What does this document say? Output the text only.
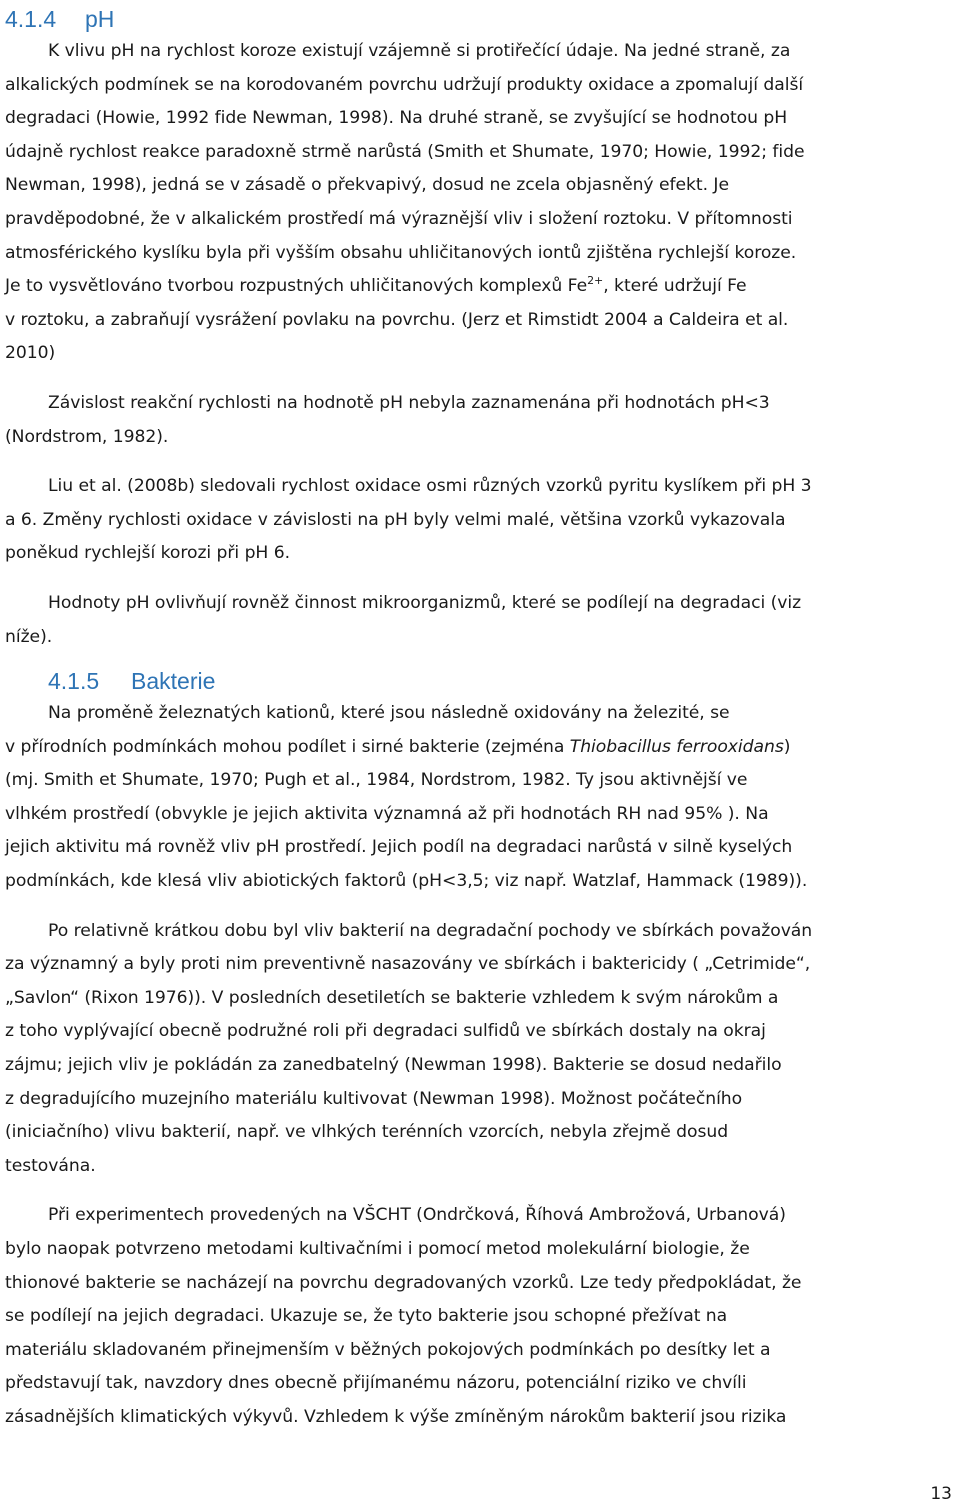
4.1.4 pH

K vlivu pH na rychlost koroze existují vzájemně si protiřečící údaje. Na jedné straně, za
alkalických podmínek se na korodovaném povrchu udržují produkty oxidace a zpomalují další
degradaci (Howie, 1992 fide Newman, 1998). Na druhé straně, se zvyšující se hodnotou pH
údajně rychlost reakce paradoxně strmě narůstá (Smith et Shumate, 1970; Howie, 1992; fide
Newman, 1998), jedná se v zásadě o překvapivý, dosud ne zcela objasněný efekt. Je
pravděpodobné, že v alkalickém prostředí má výraznější vliv i složení roztoku. V přítomnosti
atmosférického kyslíku byla při vyšším obsahu uhličitanových iontů zjištěna rychlejší koroze.
Je to vysvětlováno tvorbou rozpustných uhličitanových komplexů $Fe^{2+}$, které udržují Fe
v roztoku, a zabraňují vysrážení povlaku na povrchu. (Jerz et Rimstidt 2004 a Caldeira et al.
2010)

Závislost reakční rychlosti na hodnotě pH nebyla zaznamenána při hodnotách pH<3
(Nordstrom, 1982).

Liu et al. (2008b) sledovali rychlost oxidace osmi různých vzorků pyritu kyslíkem při pH 3
a 6. Změny rychlosti oxidace v závislosti na pH byly velmi malé, většina vzorků vykazovala
poněkud rychlejší korozi při pH 6.

Hodnoty pH ovlivňují rovněž činnost mikroorganizmů, které se podílejí na degradaci (viz
níže).

4.1.5 Bakterie

Na proměně železnatých kationů, které jsou následně oxidovány na železité, se
v přírodních podmínkách mohou podílet i sirné bakterie (zejména Thiobacillus ferrooxidans)
(mj. Smith et Shumate, 1970; Pugh et al., 1984, Nordstrom, 1982. Ty jsou aktivnější ve
vlhkém prostředí (obvykle je jejich aktivita významná až při hodnotách RH nad 95% ). Na
jejich aktivitu má rovněž vliv pH prostředí. Jejich podíl na degradaci narůstá v silně kyselých
podmínkách, kde klesá vliv abiotických faktorů (pH<3,5; viz např. Watzlaf, Hammack (1989)).

Po relativně krátkou dobu byl vliv bakterií na degradační pochody ve sbírkách považován
za významný a byly proti nim preventivně nasazovány ve sbírkách i baktericidy ( „Cetrimide“,
„Savlon“ (Rixon 1976)). V posledních desetiletích se bakterie vzhledem k svým nárokům a
z toho vyplývající obecně podružné roli při degradaci sulfidů ve sbírkách dostaly na okraj
zájmu; jejich vliv je pokládán za zanedbatelný (Newman 1998). Bakterie se dosud nedařilo
z degradujícího muzejního materiálu kultivovat (Newman 1998). Možnost počátečního
(iniciačního) vlivu bakterií, např. ve vlhkých terénních vzorcích, nebyla zřejmě dosud
testována.

Při experimentech provedených na VŠCHT (Ondrčková, Říhová Ambrožová, Urbanová)
bylo naopak potvrzeno metodami kultivačními i pomocí metod molekulární biologie, že
thionové bakterie se nacházejí na povrchu degradovaných vzorků. Lze tedy předpokládat, že
se podílejí na jejich degradaci. Ukazuje se, že tyto bakterie jsou schopné přežívat na
materiálu skladovaném přinejmenším v běžných pokojových podmínkách po desítky let a
představují tak, navzdory dnes obecně přijímanému názoru, potenciální riziko ve chvíli
zásadnějších klimatických výkyvů. Vzhledem k výše zmíněným nárokům bakterií jsou rizika

13
